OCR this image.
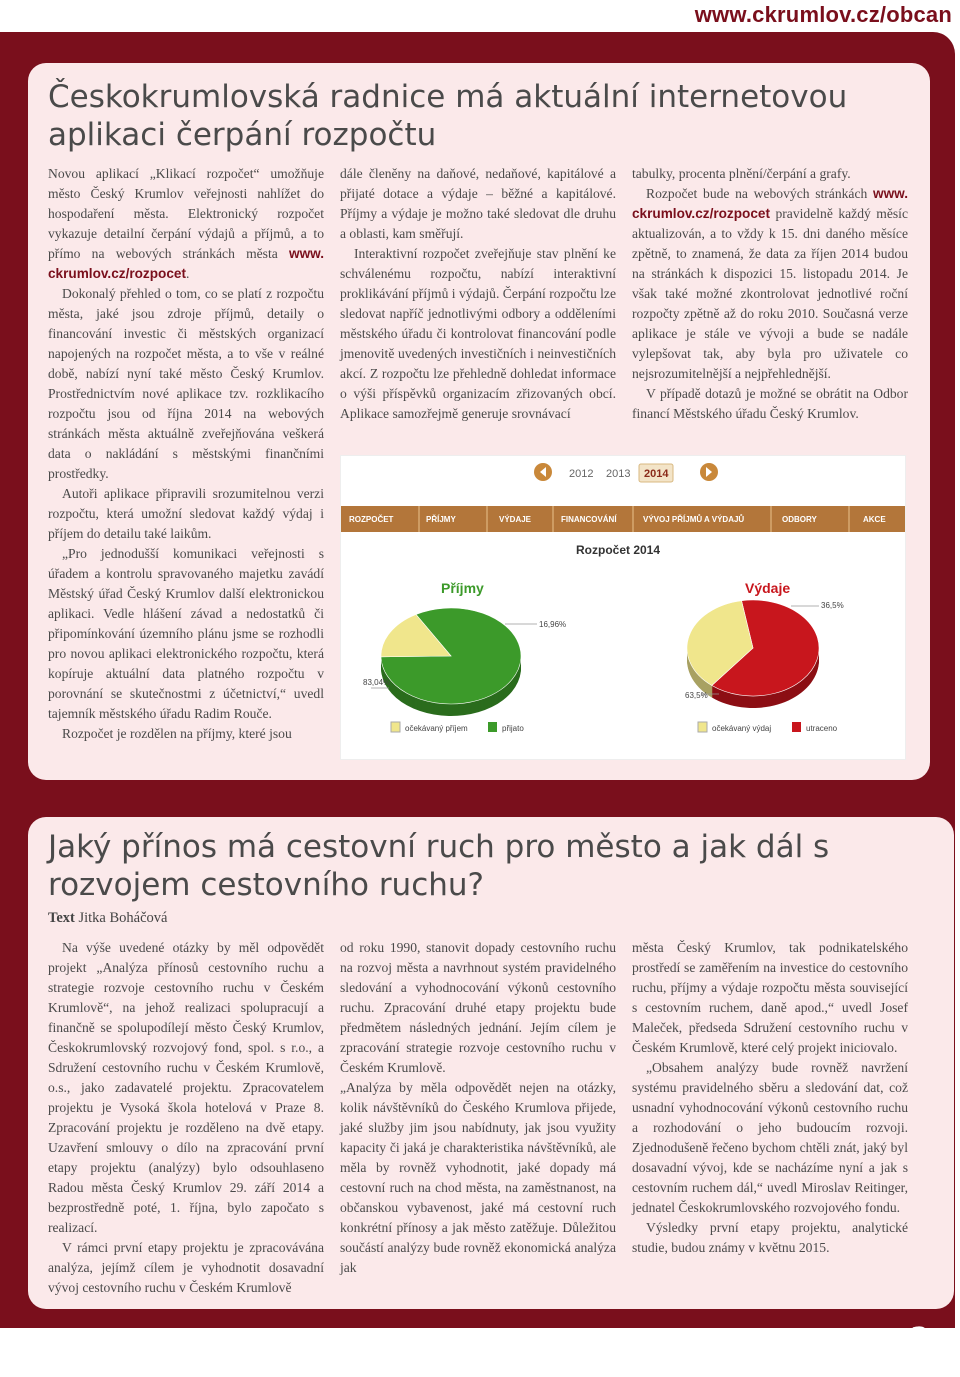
www.ckrumlov.cz/obcan
Českokrumlovská radnice má aktuální internetovou aplikaci čerpání rozpočtu

Novou aplikací „Klikací rozpočet“ umožňuje město Český Krumlov veřejnosti nahlížet do hospodaření města. Elektronický rozpočet vykazuje detailní čerpání výdajů a příjmů, a to přímo na webových stránkách města www. ckrumlov.cz/rozpocet.

Dokonalý přehled o tom, co se platí z rozpočtu města, jaké jsou zdroje příjmů, detaily o financování investic či městských organizací napojených na rozpočet města, a to vše v reálné době, nabízí nyní také město Český Krumlov. Prostřednictvím nové aplikace tzv. rozklikacího rozpočtu jsou od října 2014 na webových stránkách města aktuálně zveřejňována veškerá data o nakládání s městskými finančními prostředky.

Autoři aplikace připravili srozumitelnou verzi rozpočtu, která umožní sledovat každý výdaj i příjem do detailu také laikům.

„Pro jednodušší komunikaci veřejnosti s úřadem a kontrolu spravovaného majetku zavádí Městský úřad Český Krumlov další elektronickou aplikaci. Vedle hlášení závad a nedostatků či připomínkování územního plánu jsme se rozhodli pro novou aplikaci elektronického rozpočtu, která kopíruje aktuální data platného rozpočtu v porovnání se skutečnostmi z účetnictví,“ uvedl tajemník městského úřadu Radim Rouče.

Rozpočet je rozdělen na příjmy, které jsou

dále členěny na daňové, nedaňové, kapitálové a přijaté dotace a výdaje – běžné a kapitálové. Příjmy a výdaje je možno také sledovat dle druhu a oblasti, kam směřují.

Interaktivní rozpočet zveřejňuje stav plnění ke schválenému rozpočtu, nabízí interaktivní proklikávání příjmů i výdajů. Čerpání rozpočtu lze sledovat napříč jednotlivými odbory a odděleními městského úřadu či kontrolovat financování podle jmenovitě uvedených investičních i neinvestičních akcí. Z rozpočtu lze přehledně dohledat informace o výši příspěvků organizacím zřizovaných obcí. Aplikace samozřejmě generuje srovnávací

tabulky, procenta plnění/čerpání a grafy.

Rozpočet bude na webových stránkách www. ckrumlov.cz/rozpocet pravidelně každý měsíc aktualizován, a to vždy k 15. dni daného měsíce zpětně, to znamená, že data za říjen 2014 budou na stránkách k dispozici 15. listopadu 2014. Je však také možné zkontrolovat jednotlivé roční rozpočty zpětně až do roku 2010. Současná verze aplikace je stále ve vývoji a bude se nadále vylepšovat tak, aby byla pro uživatele co nejsrozumitelnější a nejpřehlednější.

V případě dotazů je možné se obrátit na Odbor financí Městského úřadu Český Krumlov.

2012 2013 2014
ROZPOČET	PŘÍJMY	VÝDAJE	FINANCOVÁNÍ	VÝVOJ PŘÍJMŮ A VÝDAJŮ	ODBORY	AKCE
Rozpočet 2014
Příjmy	Výdaje
16,96%
83,04%
36,5%
63,5%
očekávaný příjem	přijato	očekávaný výdaj	utraceno
Jaký přínos má cestovní ruch pro město a jak dál s rozvojem cestovního ruchu?
Text Jitka Boháčová

Na výše uvedené otázky by měl odpovědět projekt „Analýza přínosů cestovního ruchu a strategie rozvoje cestovního ruchu v Českém Krumlově“, na jehož realizaci spolupracují a finančně se spolupodílejí město Český Krumlov, Českokrumlovský rozvojový fond, spol. s r.o., a Sdružení cestovního ruchu v Českém Krumlově, o.s., jako zadavatelé projektu. Zpracovatelem projektu je Vysoká škola hotelová v Praze 8. Zpracování projektu je rozděleno na dvě etapy. Uzavření smlouvy o dílo na zpracování první etapy projektu (analýzy) bylo odsouhlaseno Radou města Český Krumlov 29. září 2014 a bezprostředně poté, 1. října, bylo započato s realizací.

V rámci první etapy projektu je zpracovávána analýza, jejímž cílem je vyhodnotit dosavadní vývoj cestovního ruchu v Českém Krumlově

od roku 1990, stanovit dopady cestovního ruchu na rozvoj města a navrhnout systém pravidelného sledování a vyhodnocování výkonů cestovního ruchu. Zpracování druhé etapy projektu bude předmětem následných jednání. Jejím cílem je zpracování strategie rozvoje cestovního ruchu v Českém Krumlově.

„Analýza by měla odpovědět nejen na otázky, kolik návštěvníků do Českého Krumlova přijede, jaké služby jim jsou nabídnuty, jak jsou využity kapacity či jaká je charakteristika návštěvníků, ale měla by rovněž vyhodnotit, jaké dopady má cestovní ruch na chod města, na zaměstnanost, na občanskou vybavenost, jaké má cestovní ruch konkrétní přínosy a jak město zatěžuje. Důležitou součástí analýzy bude rovněž ekonomická analýza jak

města Český Krumlov, tak podnikatelského prostředí se zaměřením na investice do cestovního ruchu, příjmy a výdaje rozpočtu města související s cestovním ruchem, daně apod.,“ uvedl Josef Maleček, předseda Sdružení cestovního ruchu v Českém Krumlově, které celý projekt iniciovalo.

„Obsahem analýzy bude rovněž navržení systému pravidelného sběru a sledování dat, což usnadní vyhodnocování výkonů cestovního ruchu a rozhodování o jeho budoucím rozvoji. Zjednodušeně řečeno bychom chtěli znát, jaký byl dosavadní vývoj, kde se nacházíme nyní a jak s cestovním ruchem dál,“ uvedl Miroslav Reitinger, jednatel Českokrumlovského rozvojového fondu.

Výsledky první etapy projektu, analytické studie, budou známy v květnu 2015.

3
